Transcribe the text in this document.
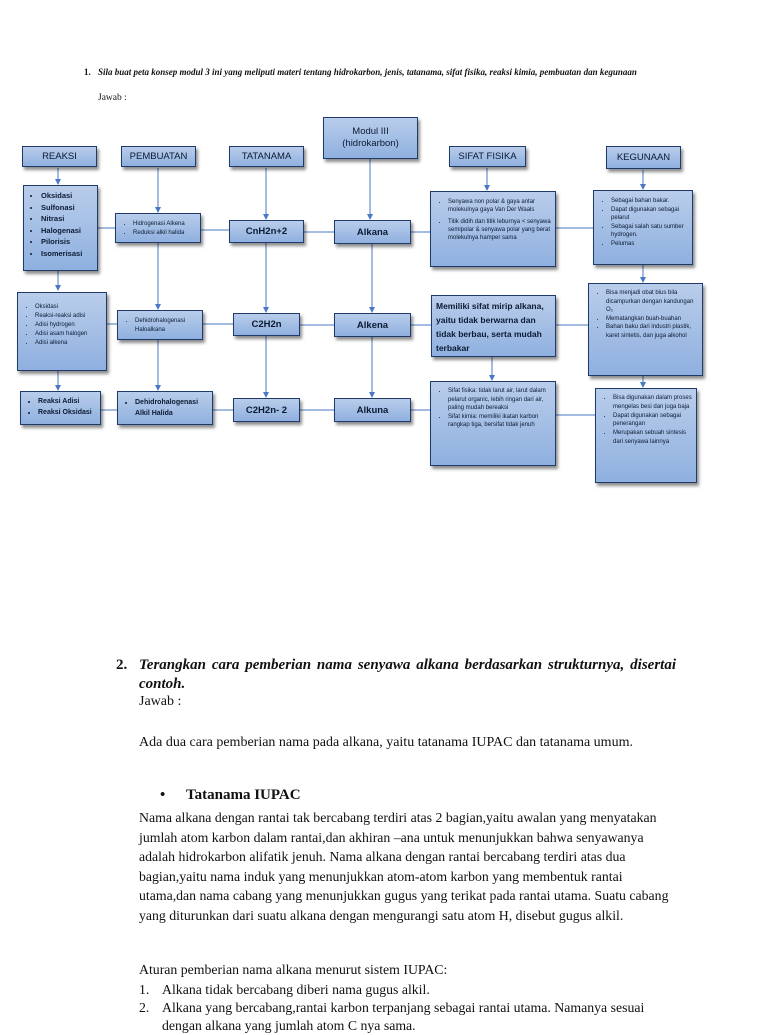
1. Sila buat peta konsep modul 3 ini yang meliputi materi tentang hidrokarbon, jenis, tatanama, sifat fisika, reaksi kimia, pembuatan dan kegunaan
Jawab :
Modul III
(hidrokarbon)
REAKSI	PEMBUATAN	TATANAMA	SIFAT FISIKA	KEGUNAAN
• Oksidasi
• Sulfonasi
• Nitrasi
• Halogenasi
• Pilorisis
• Isomerisasi
• Oksidasi
• Reaksi-reaksi adisi
• Adisi hydrogen
• Adisi asam halogen
• Adisi alkena
• Reaksi Adisi
• Reaksi Oksidasi
• Hidrogenasi Alkena
• Reduksi alkil halida
• Dehidrohalogenasi Haloalkana
• Dehidrohalogenasi Alkil Halida
CnH2n+2
C2H2n
C2H2n- 2
Alkana
Alkena
Alkuna
• Senyawa non polar & gaya antar molekulnya gaya Van Der Waals
• Titik didih dan titik leburnya < senyawa semipolar & senyawa polar yang berat molekulnya hamper sama
Memiliki sifat mirip alkana, yaitu tidak berwarna dan tidak berbau, serta mudah terbakar
• Sifat fisika: tidak larut air, larut dalam pelarut organic, lebih ringan dari air, paling mudah bereaksi
• Sifat kimia: memiliki ikatan karbon rangkap tiga, bersifat tidak jenuh
• Sebagai bahan bakar.
• Dapat digunakan sebagai pelarut
• Sebagai salah satu sumber hydrogen.
• Pelumas
• Bisa menjadi obat bius bila dicampurkan dengan kandungan O₂
• Mematangkan buah-buahan
• Bahan baku dari industri plastik, karet sintetis, dan juga alkohol
• Bisa digunakan dalam proses mengelas besi dan juga baja
• Dapat digunakan sebagai penerangan
• Merupakan sebuah sintesis dari senyawa lainnya
2. Terangkan cara pemberian nama senyawa alkana berdasarkan strukturnya, disertai contoh.
Jawab :
Ada dua cara pemberian nama pada alkana, yaitu tatanama IUPAC dan tatanama umum.
• Tatanama IUPAC
Nama alkana dengan rantai tak bercabang terdiri atas 2 bagian,yaitu awalan yang menyatakan jumlah atom karbon dalam rantai,dan akhiran –ana untuk menunjukkan bahwa senyawanya adalah hidrokarbon alifatik jenuh. Nama alkana dengan rantai bercabang terdiri atas dua bagian,yaitu nama induk yang menunjukkan atom-atom karbon yang membentuk rantai utama,dan nama cabang yang menunjukkan gugus yang terikat pada rantai utama. Suatu cabang yang diturunkan dari suatu alkana dengan mengurangi satu atom H, disebut gugus alkil.
Aturan pemberian nama alkana menurut sistem IUPAC:
1. Alkana tidak bercabang diberi nama gugus alkil.
2. Alkana yang bercabang,rantai karbon terpanjang sebagai rantai utama. Namanya sesuai dengan alkana yang jumlah atom C nya sama.
